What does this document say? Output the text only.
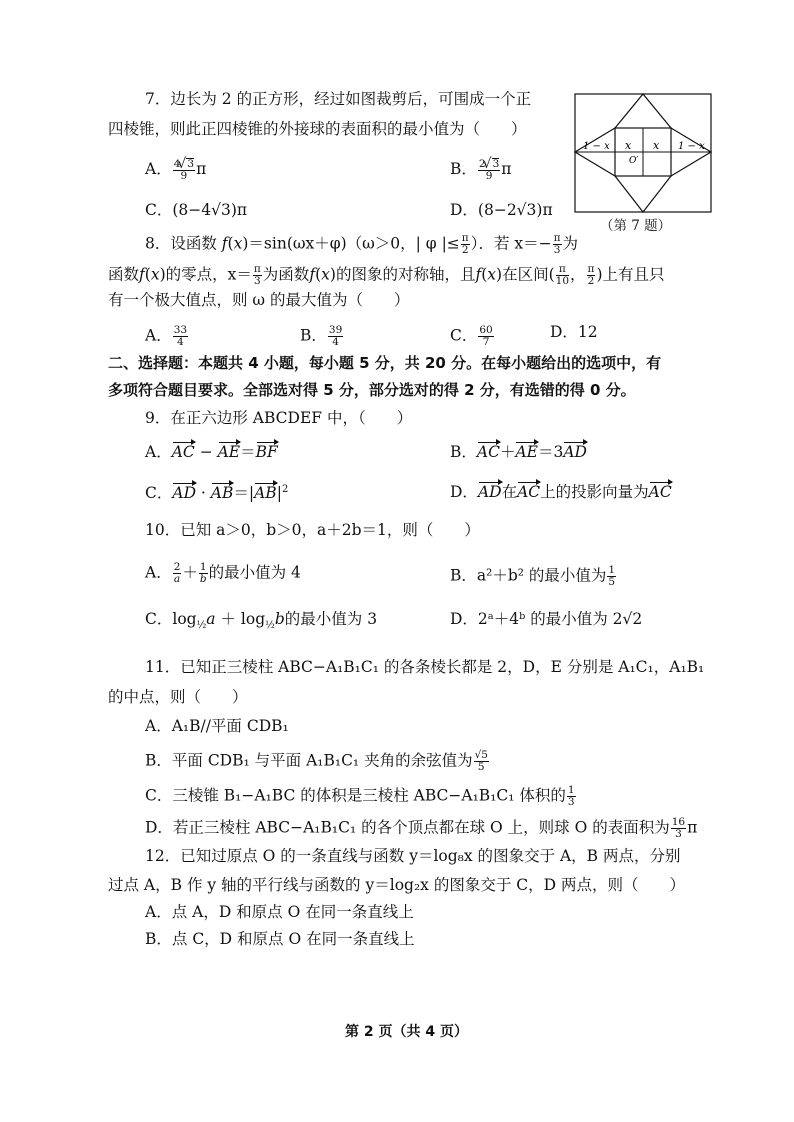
7．边长为 2 的正方形，经过如图裁剪后，可围成一个正
四棱锥，则此正四棱锥的外接球的表面积的最小值为（　　）
A． $\frac{4 √ 3}{9}$ π	B． $\frac{2 √ 3}{9}$ π
C．(8−4√3)π	D．(8−2√3)π
1 − x	1 − x
x x
O′
（第 7 题）
8．设函数 f(x)＝sin(ωx＋φ)（ω＞0，| φ |≤ $\frac{\pi}{2}$ ）．若 $x=- \frac{\pi}{3}$ 为
函数f(x)的零点，$x= \frac{\pi}{3}$ 为函数f(x)的图象的对称轴，且f(x)在区间( $\frac{\pi}{10}$ ， $\frac{\pi}{2}$ )上有且只
有一个极大值点，则 ω 的最大值为（　　）
A． $\frac{33}{4}$	B． $\frac{39}{4}$	C． $\frac{60}{7}$	D．12
二、选择题：本题共 4 小题，每小题 5 分，共 20 分。在每小题给出的选项中，有
多项符合题目要求。全部选对得 5 分，部分选对的得 2 分，有选错的得 0 分。
9．在正六边形 ABCDEF 中，（　　）
A．AC − AE＝BF	B．AC＋AE＝3AD
C．AD · $AB=|AB|^2$	D．AD在AC上的投影向量为AC
10．已知 a＞0，b＞0，a＋2b＝1，则（　　）
A． $\frac{2}{a} + \frac{1}{b}$ 的最小值为 4	B．a²＋b² 的最小值为 $\frac{1}{5}$
C．$\log_{\frac{1}{2}}a + \log_{\frac{1}{2}}b$的最小值为 3	D．2ᵃ＋4ᵇ 的最小值为 2√2
11．已知正三棱柱 ABC−A₁B₁C₁ 的各条棱长都是 2，D，E 分别是 A₁C₁，A₁B₁
的中点，则（　　）
A．A₁B//平面 CDB₁
B．平面 CDB₁ 与平面 A₁B₁C₁ 夹角的余弦值为 $\frac{√5}{5}$
C．三棱锥 B₁−A₁BC 的体积是三棱柱 ABC−A₁B₁C₁ 体积的 $\frac{1}{3}$
D．若正三棱柱 ABC−A₁B₁C₁ 的各个顶点都在球 O 上，则球 O 的表面积为 $\frac{16}{3}$ π
12．已知过原点 O 的一条直线与函数 y＝log₈x 的图象交于 A，B 两点，分别
过点 A，B 作 y 轴的平行线与函数的 y＝log₂x 的图象交于 C，D 两点，则（　　）
A．点 A，D 和原点 O 在同一条直线上
B．点 C，D 和原点 O 在同一条直线上
第 2 页（共 4 页）
